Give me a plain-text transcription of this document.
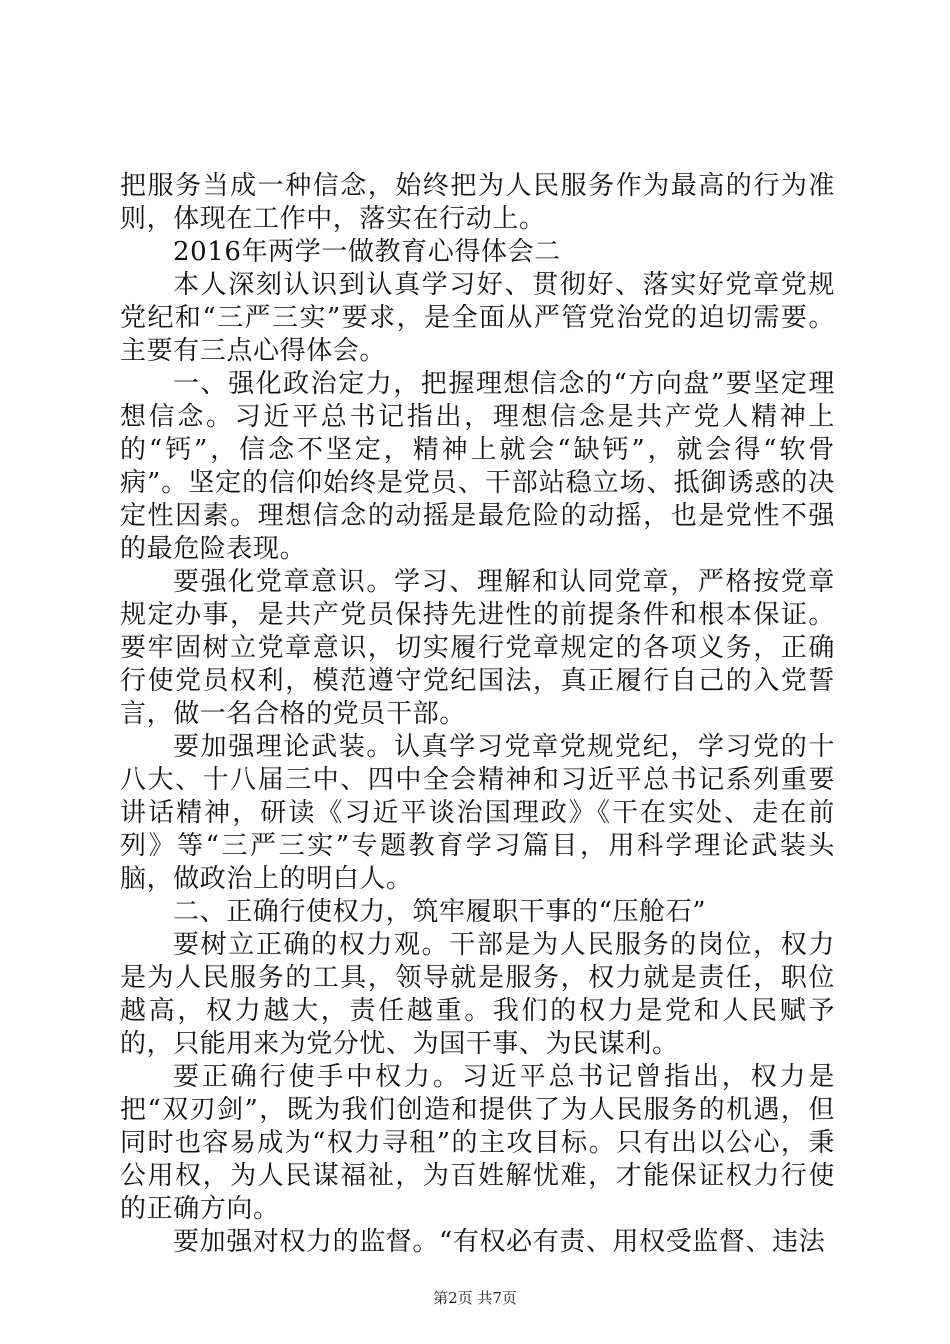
把服务当成一种信念，始终把为人民服务作为最高的行为准则，体现在工作中，落实在行动上。

2016年两学一做教育心得体会二

本人深刻认识到认真学习好、贯彻好、落实好党章党规党纪和“三严三实”要求，是全面从严管党治党的迫切需要。主要有三点心得体会。

一、强化政治定力，把握理想信念的“方向盘”要坚定理想信念。习近平总书记指出，理想信念是共产党人精神上的“钙”，信念不坚定，精神上就会“缺钙”，就会得“软骨病”。坚定的信仰始终是党员、干部站稳立场、抵御诱惑的决定性因素。理想信念的动摇是最危险的动摇，也是党性不强的最危险表现。

要强化党章意识。学习、理解和认同党章，严格按党章规定办事，是共产党员保持先进性的前提条件和根本保证。要牢固树立党章意识，切实履行党章规定的各项义务，正确行使党员权利，模范遵守党纪国法，真正履行自己的入党誓言，做一名合格的党员干部。

要加强理论武装。认真学习党章党规党纪，学习党的十八大、十八届三中、四中全会精神和习近平总书记系列重要讲话精神，研读《习近平谈治国理政》《干在实处、走在前列》等“三严三实”专题教育学习篇目，用科学理论武装头脑，做政治上的明白人。

二、正确行使权力，筑牢履职干事的“压舱石”

要树立正确的权力观。干部是为人民服务的岗位，权力是为人民服务的工具，领导就是服务，权力就是责任，职位越高，权力越大，责任越重。我们的权力是党和人民赋予的，只能用来为党分忧、为国干事、为民谋利。

要正确行使手中权力。习近平总书记曾指出，权力是把“双刃剑”，既为我们创造和提供了为人民服务的机遇，但同时也容易成为“权力寻租”的主攻目标。只有出以公心，秉公用权，为人民谋福祉，为百姓解忧难，才能保证权力行使的正确方向。

要加强对权力的监督。“有权必有责、用权受监督、违法

第2页 共7页
